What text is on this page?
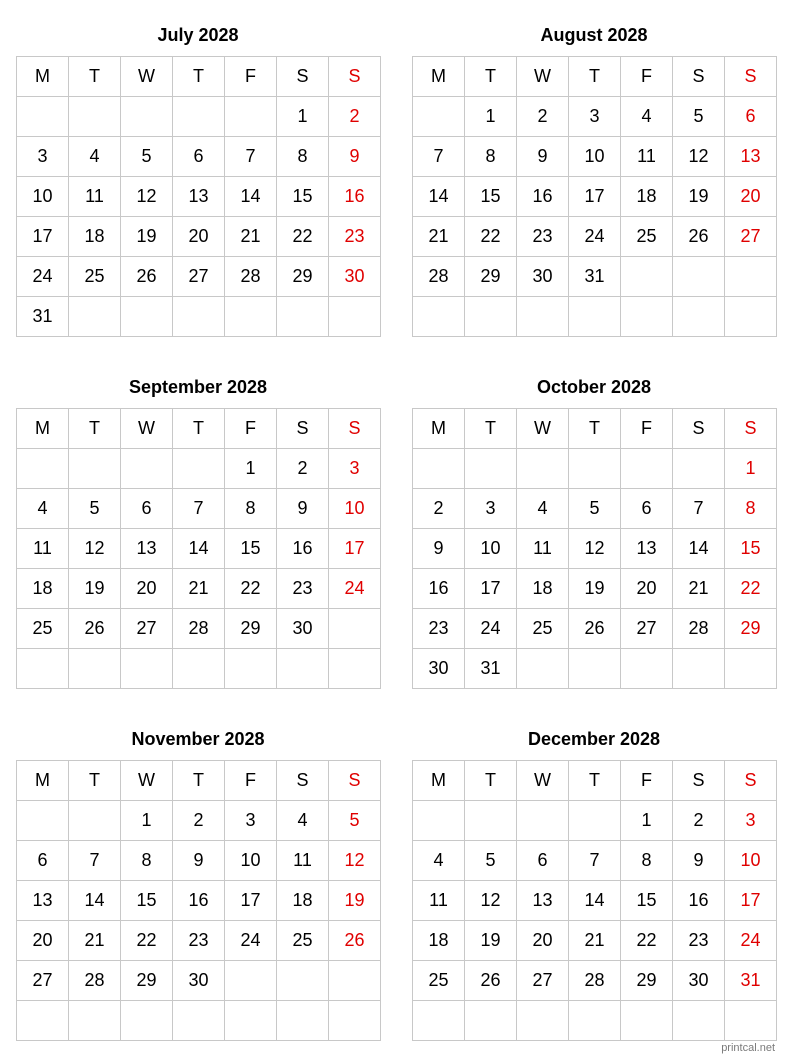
July 2028
M	T	W	T	F	S	S
					1	2
3	4	5	6	7	8	9
10	11	12	13	14	15	16
17	18	19	20	21	22	23
24	25	26	27	28	29	30
31						
August 2028
M	T	W	T	F	S	S
	1	2	3	4	5	6
7	8	9	10	11	12	13
14	15	16	17	18	19	20
21	22	23	24	25	26	27
28	29	30	31			

September 2028
M	T	W	T	F	S	S
				1	2	3
4	5	6	7	8	9	10
11	12	13	14	15	16	17
18	19	20	21	22	23	24
25	26	27	28	29	30	

October 2028
M	T	W	T	F	S	S
						1
2	3	4	5	6	7	8
9	10	11	12	13	14	15
16	17	18	19	20	21	22
23	24	25	26	27	28	29
30	31					
November 2028
M	T	W	T	F	S	S
		1	2	3	4	5
6	7	8	9	10	11	12
13	14	15	16	17	18	19
20	21	22	23	24	25	26
27	28	29	30			

December 2028
M	T	W	T	F	S	S
				1	2	3
4	5	6	7	8	9	10
11	12	13	14	15	16	17
18	19	20	21	22	23	24
25	26	27	28	29	30	31

printcal.net
